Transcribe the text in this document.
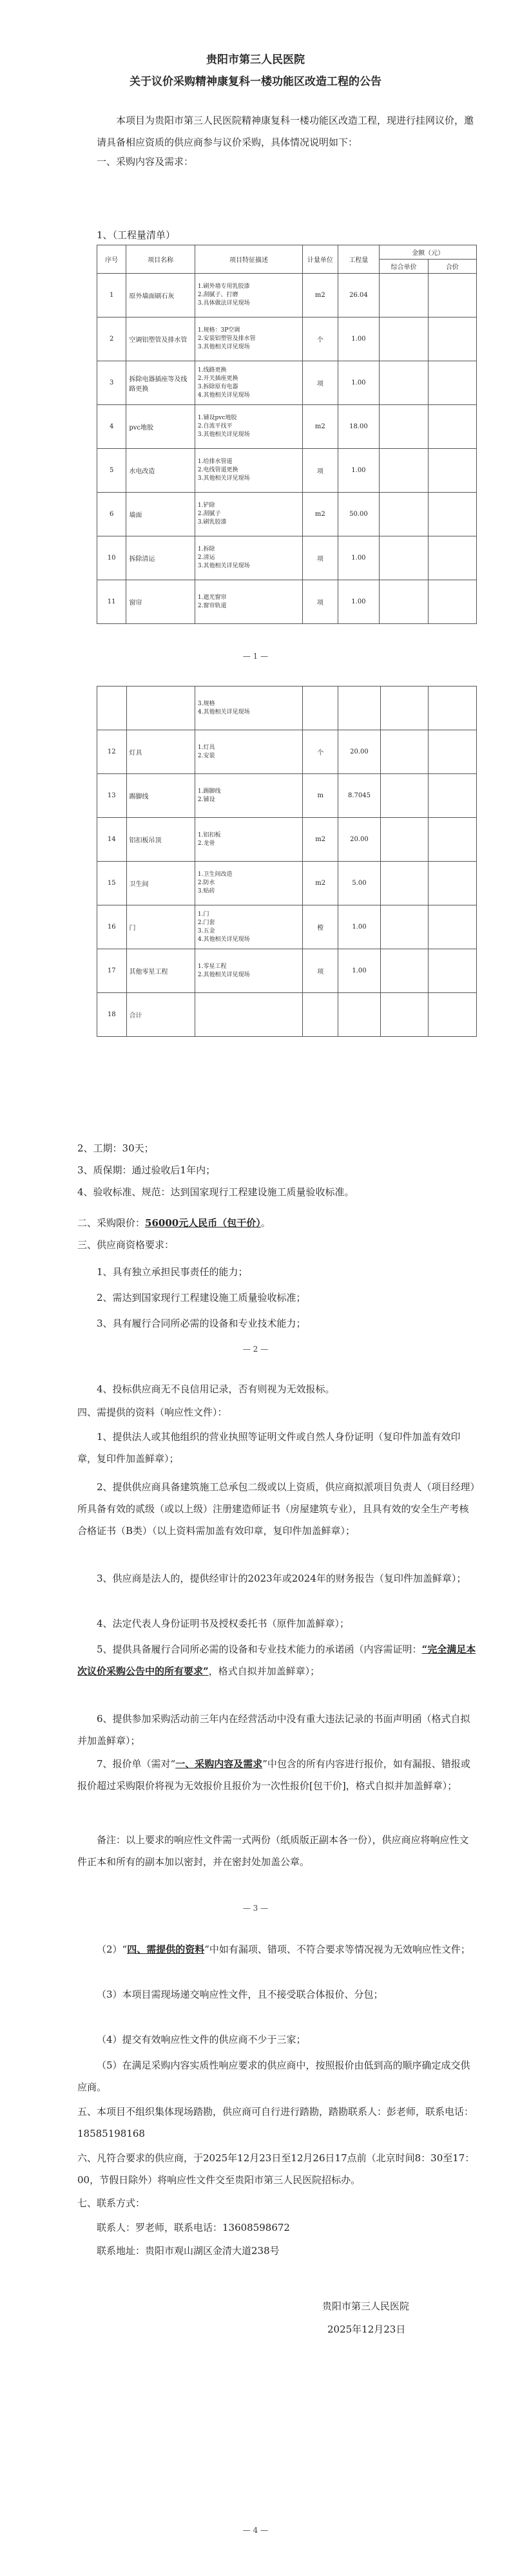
贵阳市第三人民医院
关于议价采购精神康复科一楼功能区改造工程的公告
本项目为贵阳市第三人民医院精神康复科一楼功能区改造工程，现进行挂网议价，邀请具备相应资质的供应商参与议价采购，具体情况说明如下：
一、采购内容及需求：
1、（工程量清单）
序号	项目名称	项目特征描述	计量单位	工程量	金额（元）	
					综合单价	合价
1	原外墙面刷石灰	1.刷外墙专用乳胶漆
2.刮腻子、打磨
3.具体做法详见现场	m2	26.04		
2	空调铝塑管及排水管	1.规格：3P空调
2.安装铝塑管及排水管
3.其他相关详见现场	个	1.00		
3	拆除电器插座等及线路更换	1.线路更换
2.开关插座更换
3.拆除原有电器
4.其他相关详见现场	项	1.00		
4	pvc地胶	1.铺设pvc地胶
2.自流平找平
3.其他相关详见现场	m2	18.00		
5	水电改造	1.给排水管道
2.电线管道更换
3.其他相关详见现场	项	1.00		
6	墙面	1.铲除
2.刮腻子
3.刷乳胶漆	m2	50.00		
10	拆除清运	1.拆除
2.清运
3.其他相关详见现场	项	1.00		
11	窗帘	1.遮光窗帘
2.窗帘轨道	项	1.00		
— 1 —
		3.规格
4.其他相关详见现场				
12	灯具	1.灯具
2.安装	个	20.00		
13	踢脚线	1.踢脚线
2.铺设	m	8.7045		
14	铝扣板吊顶	1.铝扣板
2.龙骨	m2	20.00		
15	卫生间	1.卫生间改造
2.防水
3.贴砖	m2	5.00		
16	门	1.门
2.门套
3.五金
4.其他相关详见现场	樘	1.00		
17	其他零星工程	1.零星工程
2.其他相关详见现场	项	1.00		
18	合计					
2、工期：30天；
3、质保期：通过验收后1年内；
4、验收标准、规范：达到国家现行工程建设施工质量验收标准。
二、采购限价：56000元人民币（包干价）。
三、供应商资格要求：
1、具有独立承担民事责任的能力；
2、需达到国家现行工程建设施工质量验收标准；
3、具有履行合同所必需的设备和专业技术能力；
— 2 —
4、投标供应商无不良信用记录，否有则视为无效报标。
四、需提供的资料（响应性文件）：
1、提供法人或其他组织的营业执照等证明文件或自然人身份证明（复印件加盖有效印章，复印件加盖鲜章）；
2、提供供应商具备建筑施工总承包二级或以上资质，供应商拟派项目负责人（项目经理）所具备有效的贰级（或以上级）注册建造师证书（房屋建筑专业），且具有效的安全生产考核合格证书（B类）（以上资料需加盖有效印章，复印件加盖鲜章）；
3、供应商是法人的，提供经审计的2023年或2024年的财务报告（复印件加盖鲜章）；
4、法定代表人身份证明书及授权委托书（原件加盖鲜章）；
5、提供具备履行合同所必需的设备和专业技术能力的承诺函（内容需证明：“完全满足本次议价采购公告中的所有要求”，格式自拟并加盖鲜章）；
6、提供参加采购活动前三年内在经营活动中没有重大违法记录的书面声明函（格式自拟并加盖鲜章）；
7、报价单（需对“一、采购内容及需求”中包含的所有内容进行报价，如有漏报、错报或报价超过采购限价将视为无效报价且报价为一次性报价[包干价]，格式自拟并加盖鲜章）；
备注：以上要求的响应性文件需一式两份（纸质版正副本各一份），供应商应将响应性文件正本和所有的副本加以密封，并在密封处加盖公章。
— 3 —
（2）“四、需提供的资料”中如有漏项、错项、不符合要求等情况视为无效响应性文件；
（3）本项目需现场递交响应性文件，且不接受联合体报价、分包；
（4）提交有效响应性文件的供应商不少于三家；
（5）在满足采购内容实质性响应要求的供应商中，按照报价由低到高的顺序确定成交供应商。
五、本项目不组织集体现场踏勘，供应商可自行进行踏勘，踏勘联系人：彭老师，联系电话：18585198168
六、凡符合要求的供应商，于2025年12月23日至12月26日17点前（北京时间8：30至17：00，节假日除外）将响应性文件交至贵阳市第三人民医院招标办。
七、联系方式：
联系人：罗老师，联系电话：13608598672
联系地址：贵阳市观山湖区金清大道238号
贵阳市第三人民医院
2025年12月23日
— 4 —
